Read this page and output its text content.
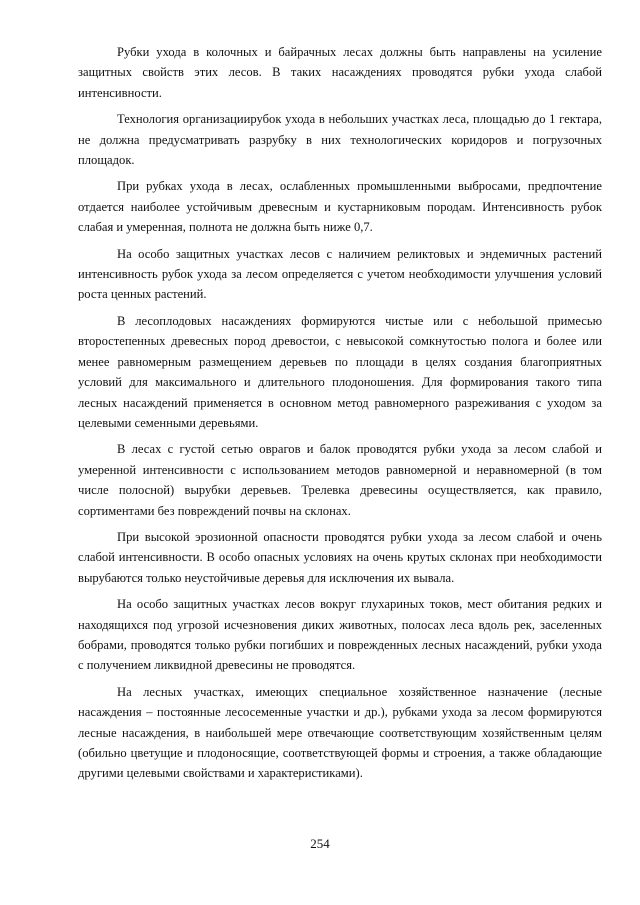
Рубки ухода в колочных и байрачных лесах должны быть направлены на усиление защитных свойств этих лесов. В таких насаждениях проводятся рубки ухода слабой интенсивности.

Технология организациирубок ухода в небольших участках леса, площадью до 1 гектара, не должна предусматривать разрубку в них технологических коридоров и погрузочных площадок.

При рубках ухода в лесах, ослабленных промышленными выбросами, предпочтение отдается наиболее устойчивым древесным и кустарниковым породам. Интенсивность рубок слабая и умеренная, полнота не должна быть ниже 0,7.

На особо защитных участках лесов с наличием реликтовых и эндемичных растений интенсивность рубок ухода за лесом определяется с учетом необходимости улучшения условий роста ценных растений.

В лесоплодовых насаждениях формируются чистые или с небольшой примесью второстепенных древесных пород древостои, с невысокой сомкнутостью полога и более или менее равномерным размещением деревьев по площади в целях создания благоприятных условий для максимального и длительного плодоношения. Для формирования такого типа лесных насаждений применяется в основном метод равномерного разреживания с уходом за целевыми семенными деревьями.

В лесах с густой сетью оврагов и балок проводятся рубки ухода за лесом слабой и умеренной интенсивности с использованием методов равномерной и неравномерной (в том числе полосной) вырубки деревьев. Трелевка древесины осуществляется, как правило, сортиментами без повреждений почвы на склонах.

При высокой эрозионной опасности проводятся рубки ухода за лесом слабой и очень слабой интенсивности. В особо опасных условиях на очень крутых склонах при необходимости вырубаются только неустойчивые деревья для исключения их вывала.

На особо защитных участках лесов вокруг глухариных токов, мест обитания редких и находящихся под угрозой исчезновения диких животных, полосах леса вдоль рек, заселенных бобрами, проводятся только рубки погибших и поврежденных лесных насаждений, рубки ухода с получением ликвидной древесины не проводятся.

На лесных участках, имеющих специальное хозяйственное назначение (лесные насаждения – постоянные лесосеменные участки и др.), рубками ухода за лесом формируются лесные насаждения, в наибольшей мере отвечающие соответствующим хозяйственным целям (обильно цветущие и плодоносящие, соответствующей формы и строения, а также обладающие другими целевыми свойствами и характеристиками).

254
